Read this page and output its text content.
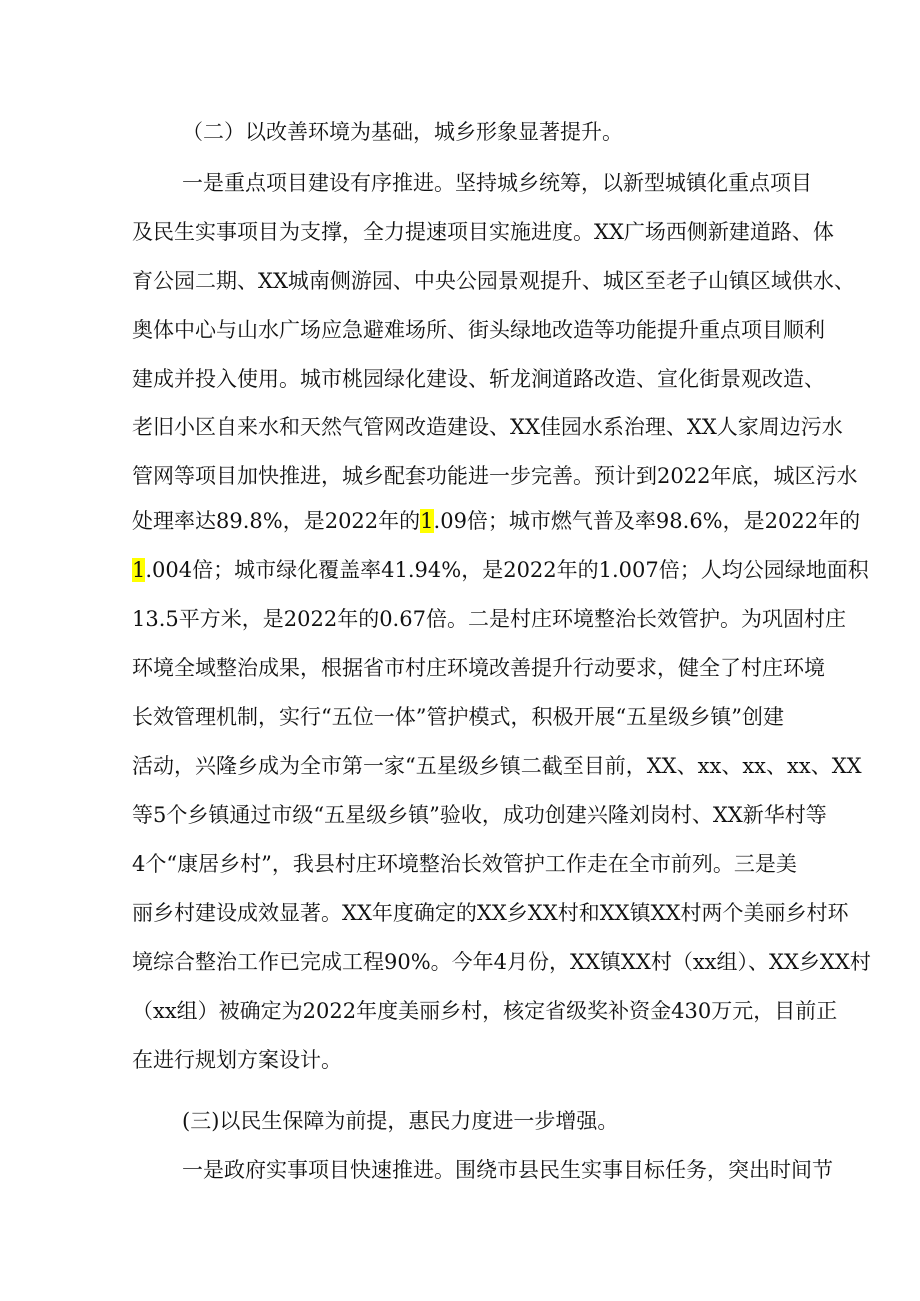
（二）以改善环境为基础，城乡形象显著提升。
一是重点项目建设有序推进。坚持城乡统筹，以新型城镇化重点项目
及民生实事项目为支撑，全力提速项目实施进度。XX广场西侧新建道路、体
育公园二期、XX城南侧游园、中央公园景观提升、城区至老子山镇区域供水、
奥体中心与山水广场应急避难场所、街头绿地改造等功能提升重点项目顺利
建成并投入使用。城市桃园绿化建设、斩龙涧道路改造、宣化街景观改造、
老旧小区自来水和天然气管网改造建设、XX佳园水系治理、XX人家周边污水
管网等项目加快推进，城乡配套功能进一步完善。预计到2022年底，城区污水
处理率达89.8%，是2022年的1.09倍；城市燃气普及率98.6%，是2022年的
1.004倍；城市绿化覆盖率41.94%，是2022年的1.007倍；人均公园绿地面积
13.5平方米，是2022年的0.67倍。二是村庄环境整治长效管护。为巩固村庄
环境全域整治成果，根据省市村庄环境改善提升行动要求，健全了村庄环境
长效管理机制，实行“五位一体”管护模式，积极开展“五星级乡镇”创建
活动，兴隆乡成为全市第一家“五星级乡镇二截至目前，XX、xx、xx、xx、XX
等5个乡镇通过市级“五星级乡镇”验收，成功创建兴隆刘岗村、XX新华村等
4个“康居乡村”，我县村庄环境整治长效管护工作走在全市前列。三是美
丽乡村建设成效显著。XX年度确定的XX乡XX村和XX镇XX村两个美丽乡村环
境综合整治工作已完成工程90%。今年4月份，XX镇XX村（xx组）、XX乡XX村
（xx组）被确定为2022年度美丽乡村，核定省级奖补资金430万元，目前正
在进行规划方案设计。
(三)以民生保障为前提，惠民力度进一步增强。
一是政府实事项目快速推进。围绕市县民生实事目标任务，突出时间节
